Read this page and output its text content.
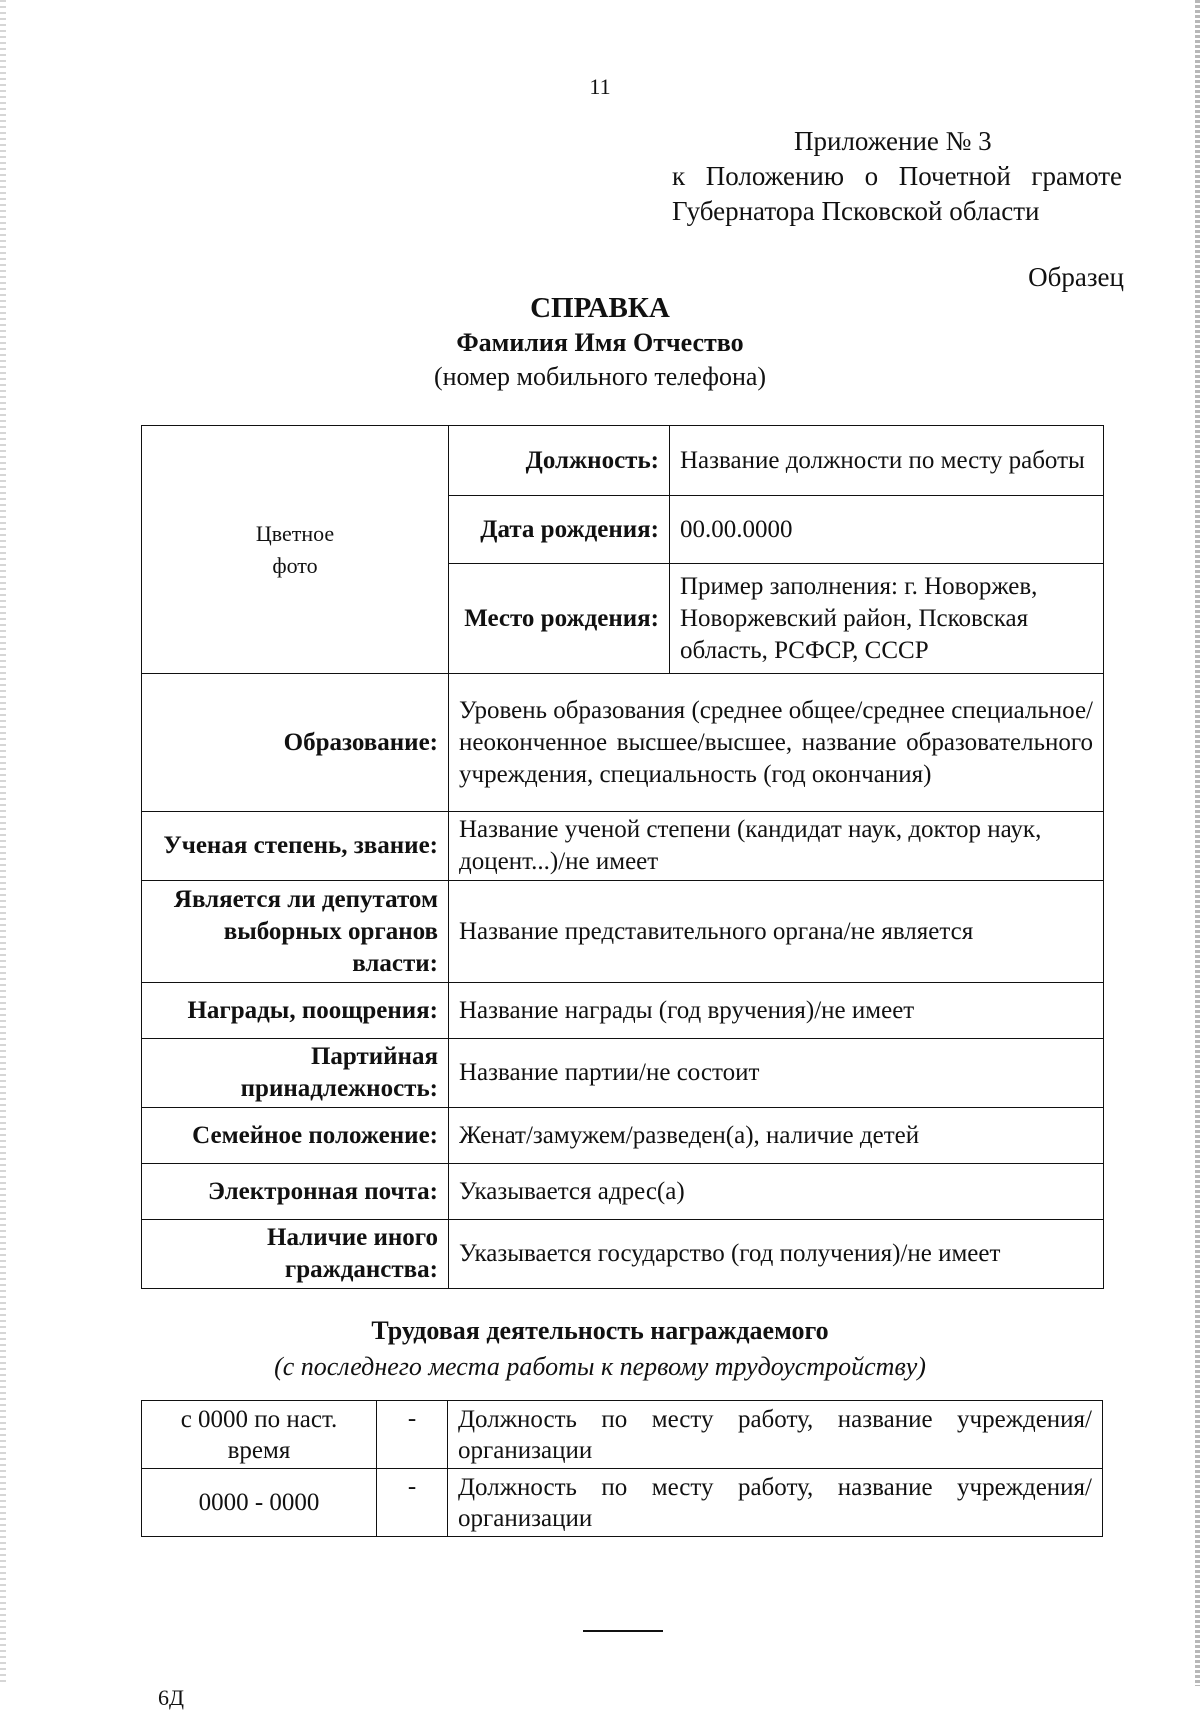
11
Приложение № 3
к Положению о Почетной грамоте
Губернатора Псковской области
Образец
СПРАВКА
Фамилия Имя Отчество
(номер мобильного телефона)
Цветное
фото	Должность:	Название должности по месту работы
	Дата рождения:	00.00.0000
	Место рождения:	Пример заполнения: г. Новоржев, Новоржевский район, Псковская область, РСФСР, СССР
Образование:	Уровень образования (среднее общее/среднее специальное/неоконченное высшее/высшее, название образовательного учреждения, специальность (год окончания)	
Ученая степень, звание:	Название ученой степени (кандидат наук, доктор наук, доцент...)/не имеет	
Является ли депутатом выборных органов власти:	Название представительного органа/не является	
Награды, поощрения:	Название награды (год вручения)/не имеет	
Партийная принадлежность:	Название партии/не состоит	
Семейное положение:	Женат/замужем/разведен(а), наличие детей	
Электронная почта:	Указывается адрес(а)	
Наличие иного гражданства:	Указывается государство (год получения)/не имеет	
Трудовая деятельность награждаемого
(с последнего места работы к первому трудоустройству)
с 0000 по наст. время	-	Должность по месту работу, название учреждения/организации
0000 - 0000	-	Должность по месту работу, название учреждения/организации
6Д
